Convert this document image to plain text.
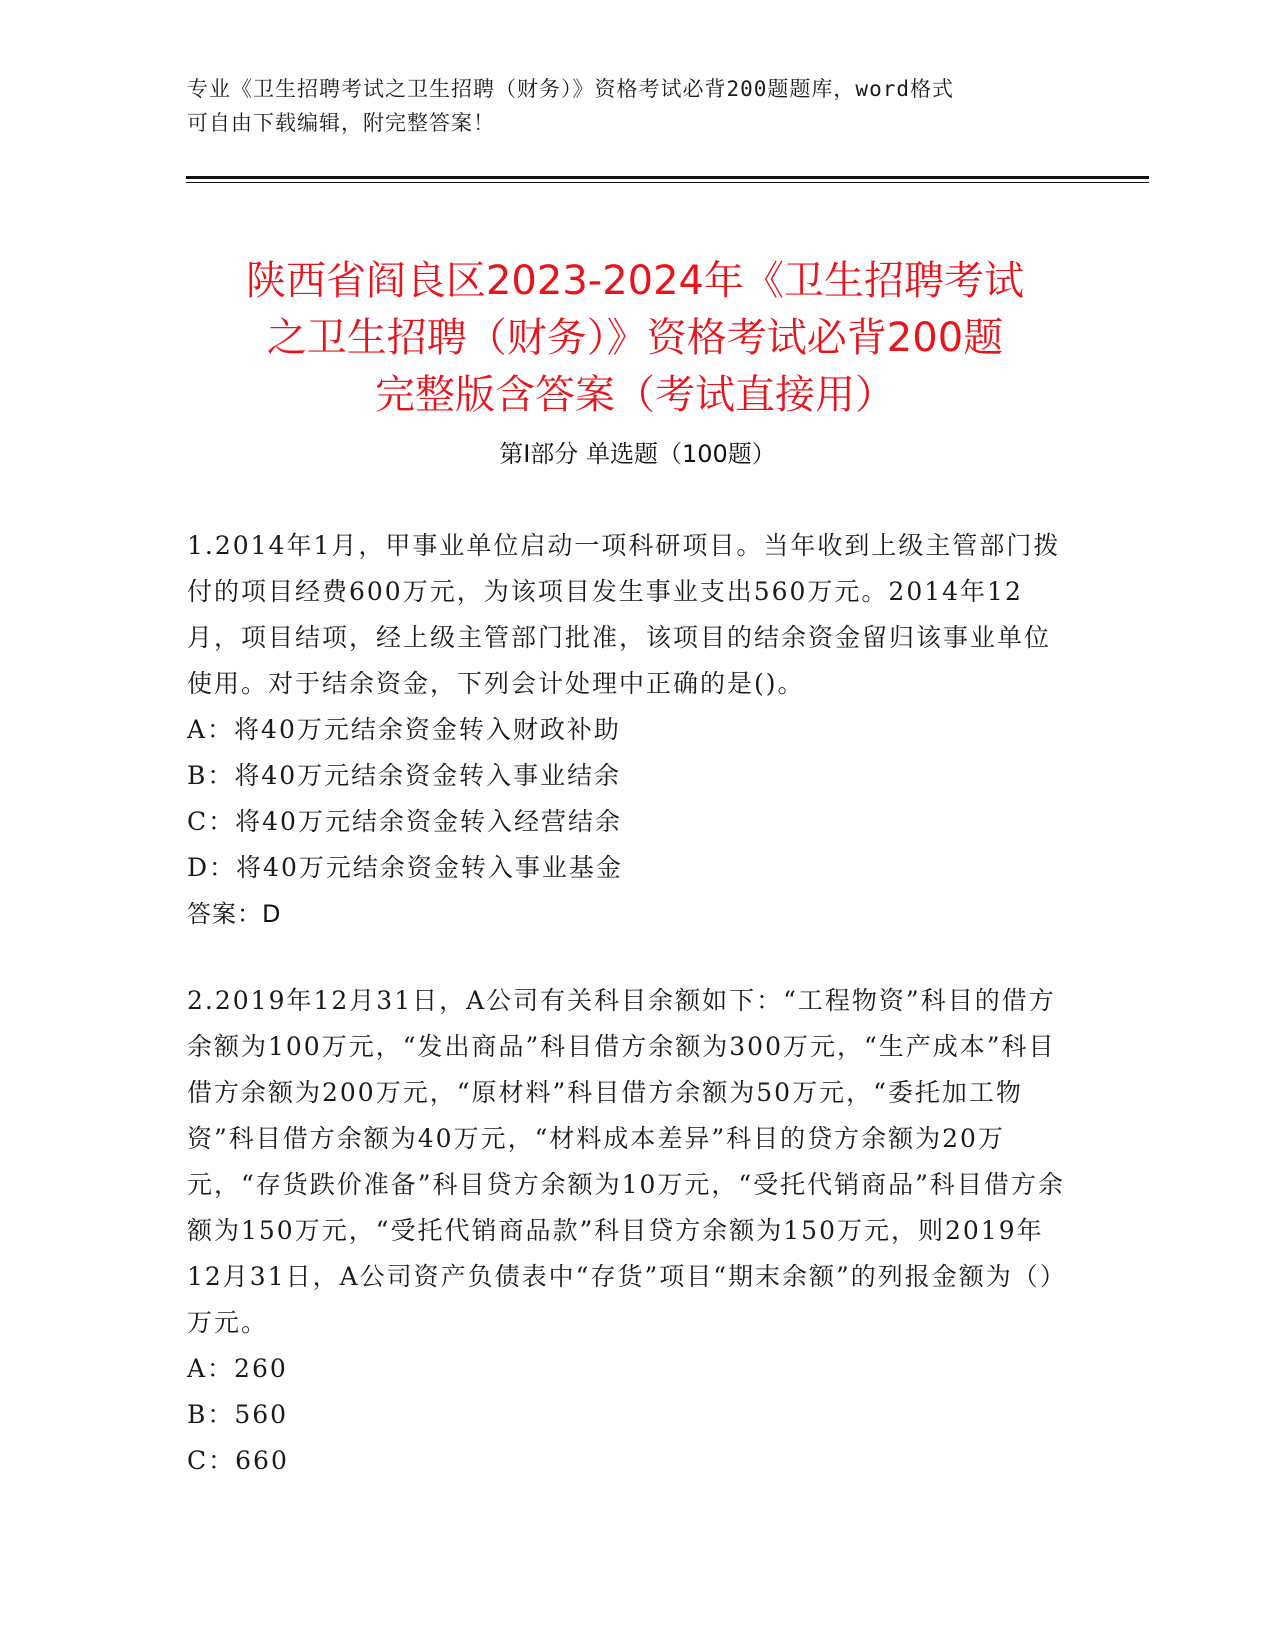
专业《卫生招聘考试之卫生招聘（财务）》资格考试必背200题题库，word格式
可自由下载编辑，附完整答案！
陕西省阎良区2023-2024年《卫生招聘考试
之卫生招聘（财务）》资格考试必背200题
完整版含答案（考试直接用）
第Ⅰ部分 单选题（100题）

1.2014年1月，甲事业单位启动一项科研项目。当年收到上级主管部门拨付的项目经费600万元，为该项目发生事业支出560万元。2014年12月，项目结项，经上级主管部门批准，该项目的结余资金留归该事业单位使用。对于结余资金，下列会计处理中正确的是()。

A：将40万元结余资金转入财政补助

B：将40万元结余资金转入事业结余

C：将40万元结余资金转入经营结余

D：将40万元结余资金转入事业基金

答案：D

2.2019年12月31日，A公司有关科目余额如下：“工程物资”科目的借方余额为100万元，“发出商品”科目借方余额为300万元，“生产成本”科目借方余额为200万元，“原材料”科目借方余额为50万元，“委托加工物资”科目借方余额为40万元，“材料成本差异”科目的贷方余额为20万元，“存货跌价准备”科目贷方余额为10万元，“受托代销商品”科目借方余额为150万元，“受托代销商品款”科目贷方余额为150万元，则2019年12月31日，A公司资产负债表中“存货”项目“期末余额”的列报金额为（）万元。

A：260

B：560

C：660
